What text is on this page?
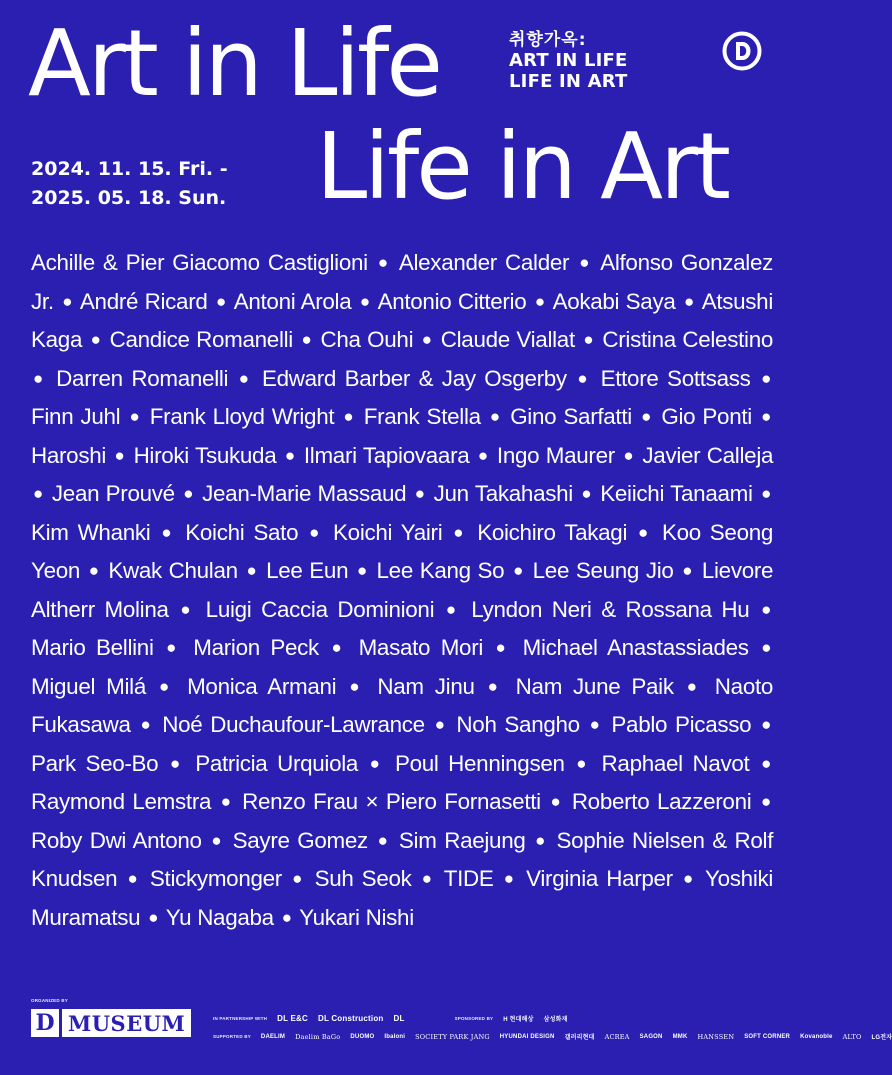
Art in Life
Life in Art
취향가옥:
ART IN LIFE
LIFE IN ART
2024. 11. 15. Fri. -
2025. 05. 18. Sun.
Achille & Pier Giacomo Castiglioni ● Alexander Calder ● Alfonso Gonzalez Jr. ● André Ricard ● Antoni Arola ● Antonio Citterio ● Aokabi Saya ● Atsushi Kaga ● Candice Romanelli ● Cha Ouhi ● Claude Viallat ● Cristina Celestino ● Darren Romanelli ● Edward Barber & Jay Osgerby ● Ettore Sottsass ● Finn Juhl ● Frank Lloyd Wright ● Frank Stella ● Gino Sarfatti ● Gio Ponti ● Haroshi ● Hiroki Tsukuda ● Ilmari Tapiovaara ● Ingo Maurer ● Javier Calleja ● Jean Prouvé ● Jean-Marie Massaud ● Jun Takahashi ● Keiichi Tanaami ● Kim Whanki ● Koichi Sato ● Koichi Yairi ● Koichiro Takagi ● Koo Seong Yeon ● Kwak Chulan ● Lee Eun ● Lee Kang So ● Lee Seung Jio ● Lievore Altherr Molina ● Luigi Caccia Dominioni ● Lyndon Neri & Rossana Hu ● Mario Bellini ● Marion Peck ● Masato Mori ● Michael Anastassiades ● Miguel Milá ● Monica Armani ● Nam Jinu ● Nam June Paik ● Naoto Fukasawa ● Noé Duchaufour-Lawrance ● Noh Sangho ● Pablo Picasso ● Park Seo-Bo ● Patricia Urquiola ● Poul Henningsen ● Raphael Navot ● Raymond Lemstra ● Renzo Frau × Piero Fornasetti ● Roberto Lazzeroni ● Roby Dwi Antono ● Sayre Gomez ● Sim Raejung ● Sophie Nielsen & Rolf Knudsen ● Stickymonger ● Suh Seok ● TIDE ● Virginia Harper ● Yoshiki Muramatsu ● Yu Nagaba ● Yukari Nishi
ORGANIZED BY
D MUSEUM	IN PARTNERSHIP WITH DL E&C DL Construction DL	SPONSORED BY H 현대해상 삼성화재
SUPPORTED BY DAELIM Daelim BaGo DUOMO Ibaloni SOCIETY PARK JANG HYUNDAI DESIGN 갤러리현대 ACREA SAGON MMK HANSSEN SOFT CORNER Kovanoble ALTO LG전자
